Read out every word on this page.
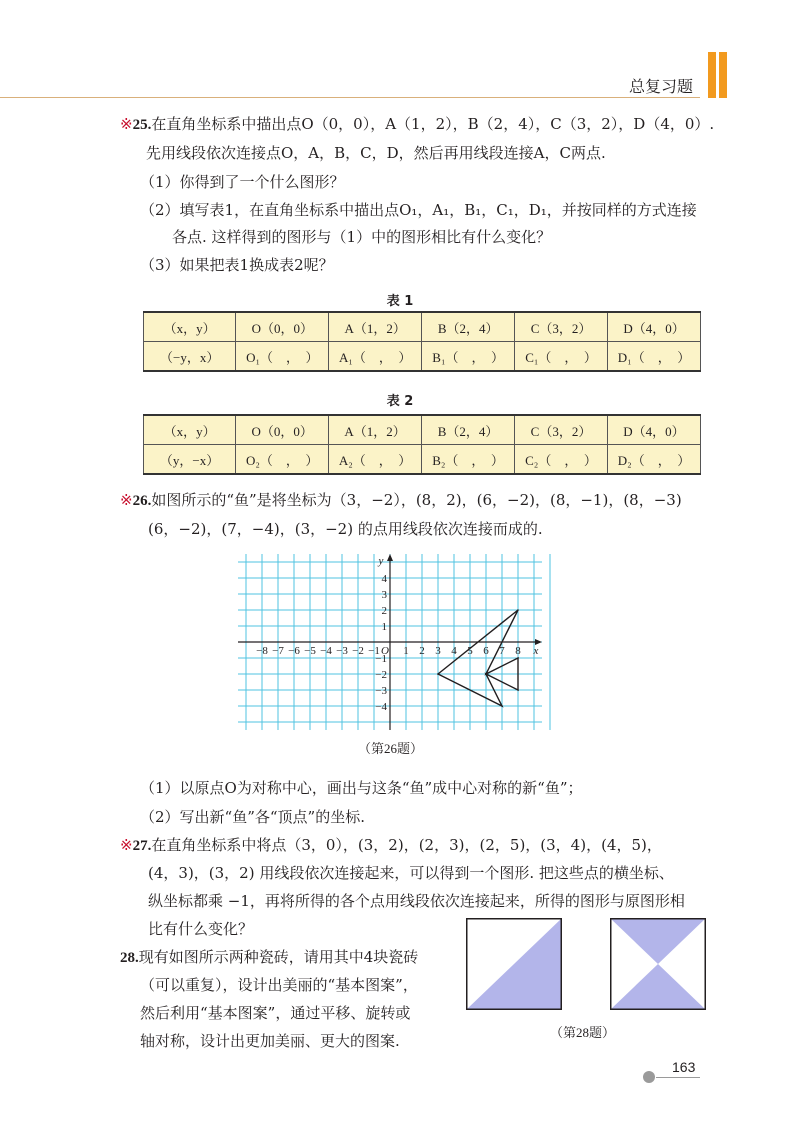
总复习题
※25.在直角坐标系中描出点O（0，0），A（1，2），B（2，4），C（3，2），D（4，0）.
先用线段依次连接点O，A，B，C，D，然后再用线段连接A，C两点.
（1）你得到了一个什么图形？
（2）填写表1，在直角坐标系中描出点O₁，A₁，B₁，C₁，D₁，并按同样的方式连接
各点. 这样得到的图形与（1）中的图形相比有什么变化？
（3）如果把表1换成表2呢？
表 1
（x，y）	O（0，0）	A（1，2）	B（2，4）	C（3，2）	D（4，0）
（−y，x）	O₁（　，　）	A₁（　，　）	B₁（　，　）	C₁（　，　）	D₁（　，　）
表 2
（x，y）	O（0，0）	A（1，2）	B（2，4）	C（3，2）	D（4，0）
（y，−x）	O₂（　，　）	A₂（　，　）	B₂（　，　）	C₂（　，　）	D₂（　，　）
※26.如图所示的“鱼”是将坐标为（3，−2），(8，2)，(6，−2)，(8，−1)，(8，−3)
(6，−2)，(7，−4)，(3，−2) 的点用线段依次连接而成的.
−8 −7 −6 −5 −4 −3 −2 −1 1 2 3 4 5 6 7 8
4
3
2
1
−1
−2
−3
−4
O	x
y
（第26题）
（1）以原点O为对称中心，画出与这条“鱼”成中心对称的新“鱼”；
（2）写出新“鱼”各“顶点”的坐标.
※27.在直角坐标系中将点（3，0），(3，2)，(2，3)，(2，5)，(3，4)，(4，5)，
(4，3)，(3，2) 用线段依次连接起来，可以得到一个图形. 把这些点的横坐标、
纵坐标都乘 −1，再将所得的各个点用线段依次连接起来，所得的图形与原图形相
比有什么变化？
28.现有如图所示两种瓷砖，请用其中4块瓷砖
（可以重复），设计出美丽的“基本图案”，
然后利用“基本图案”，通过平移、旋转或
轴对称，设计出更加美丽、更大的图案.	（第28题）
163
